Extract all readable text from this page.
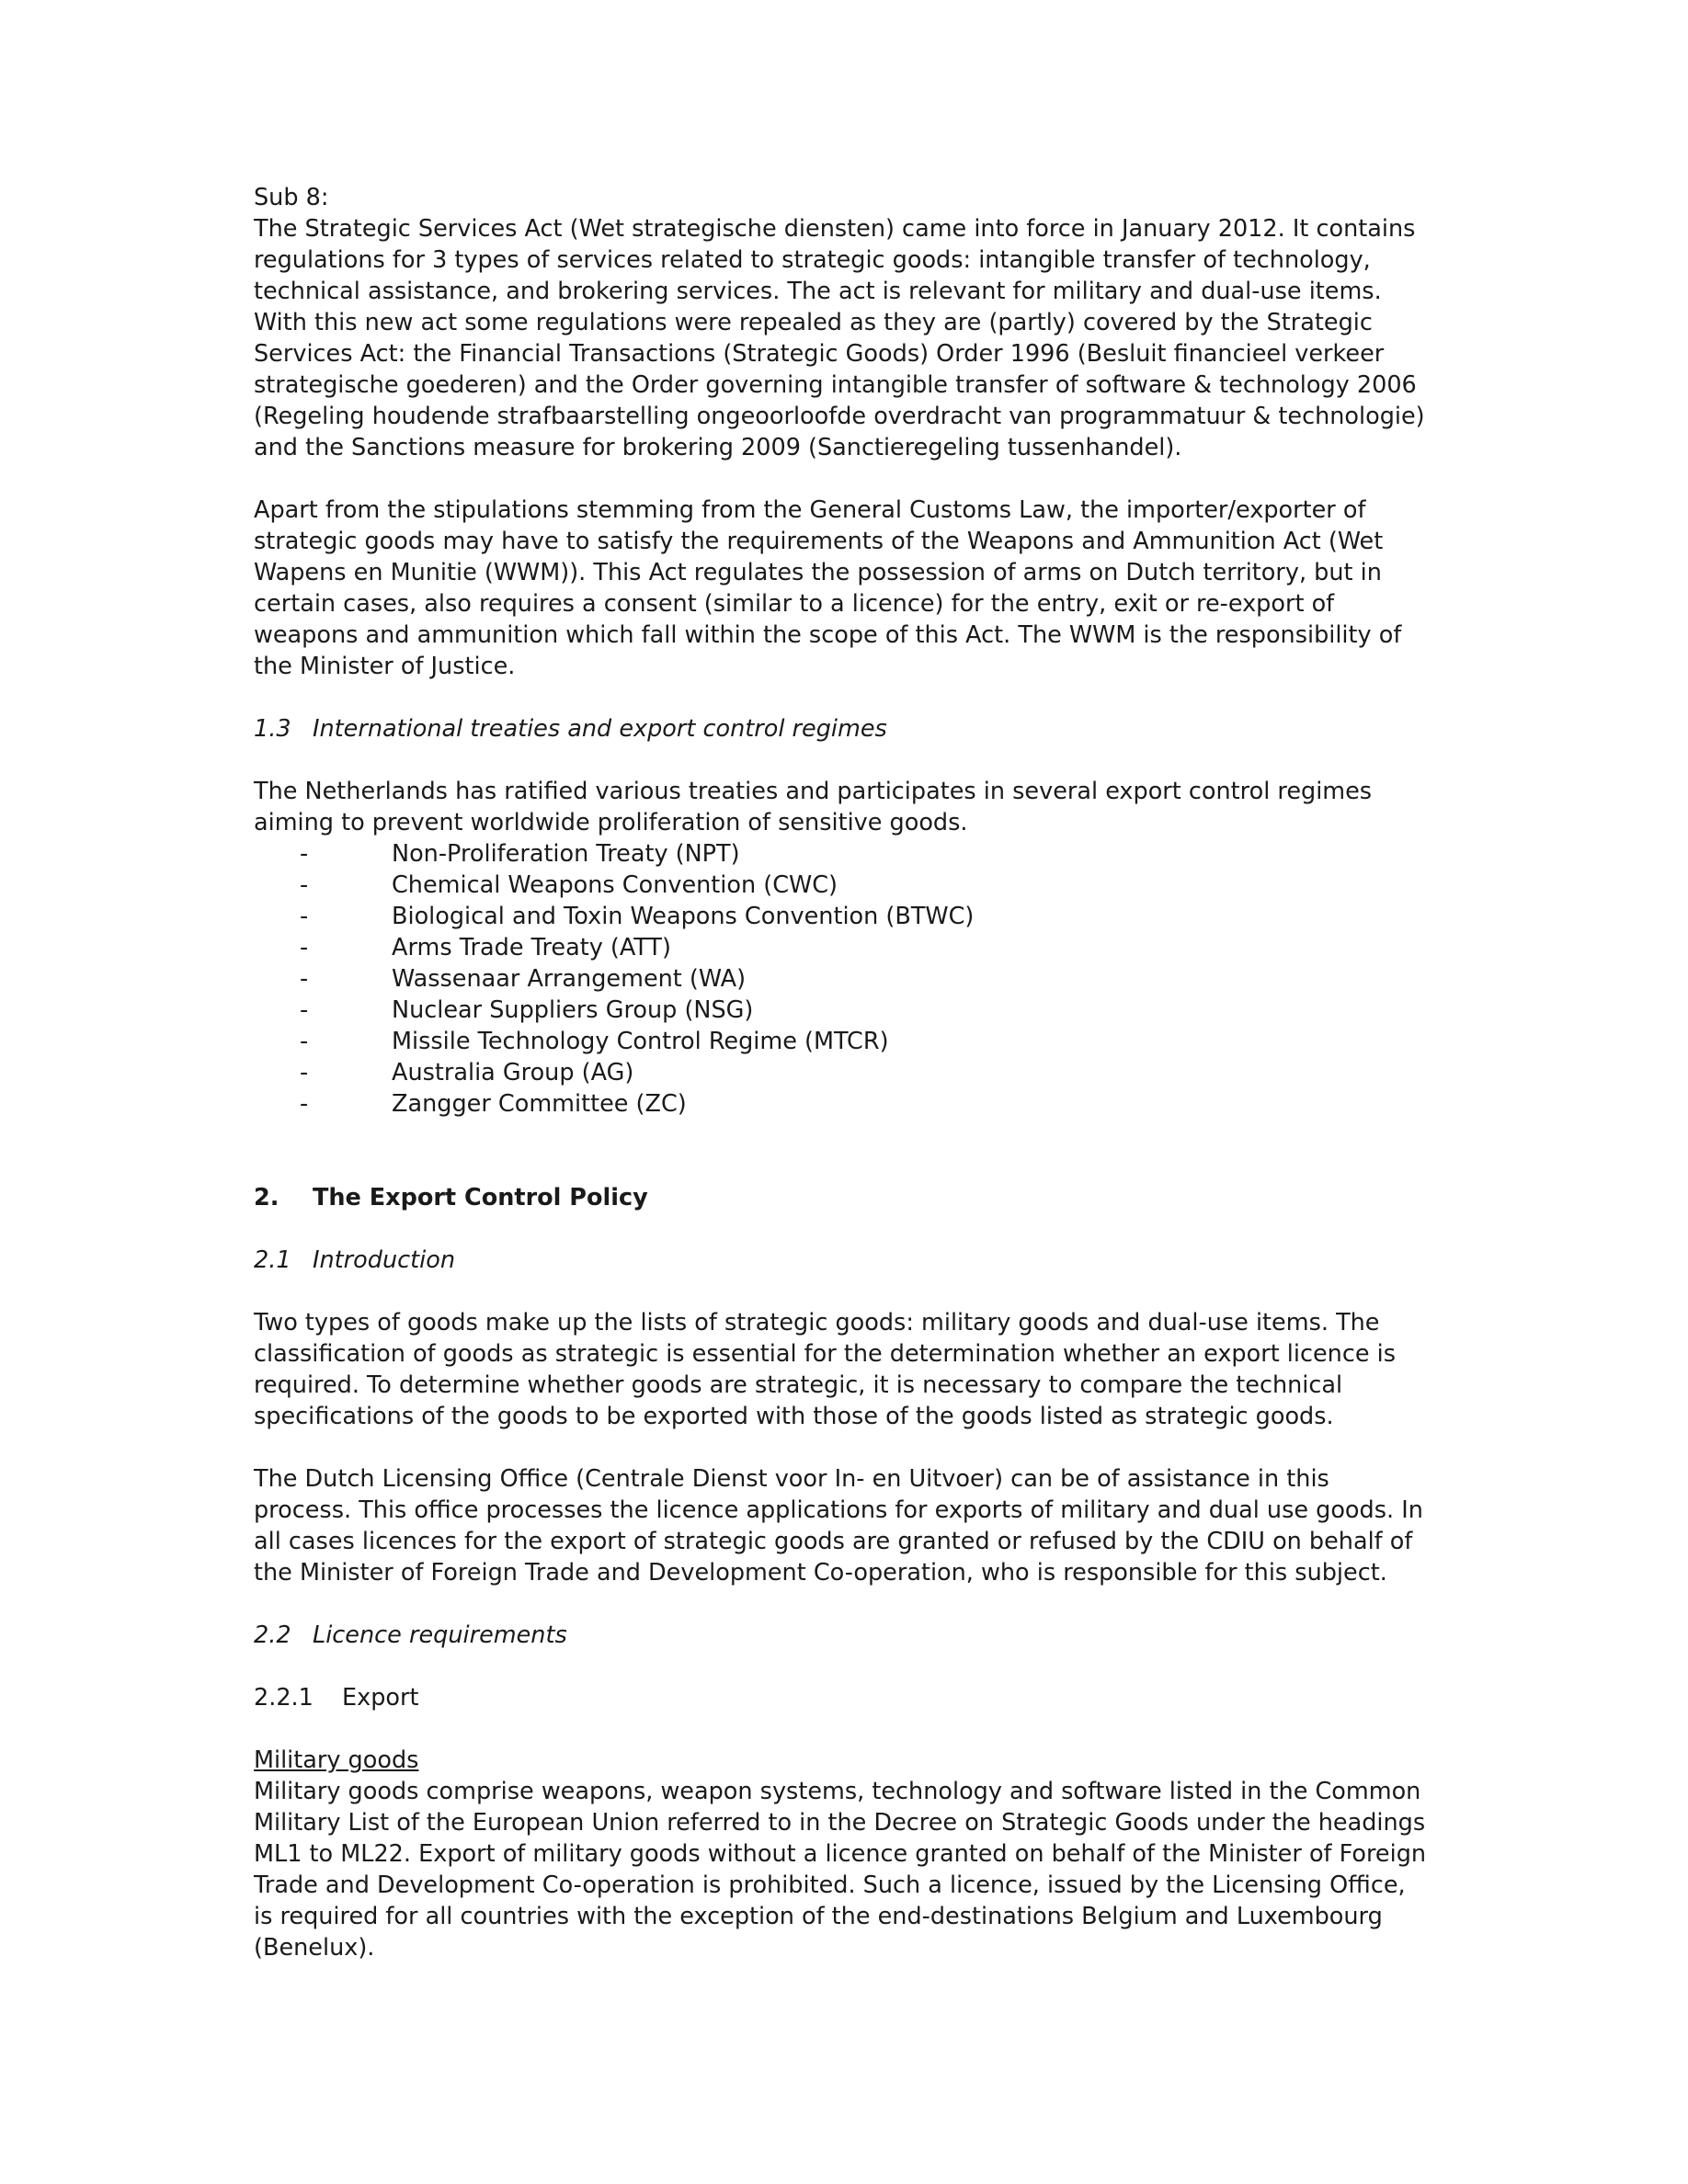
Sub 8:
The Strategic Services Act (Wet strategische diensten) came into force in January 2012. It contains
regulations for 3 types of services related to strategic goods: intangible transfer of technology,
technical assistance, and brokering services. The act is relevant for military and dual-use items.
With this new act some regulations were repealed as they are (partly) covered by the Strategic
Services Act: the Financial Transactions (Strategic Goods) Order 1996 (Besluit financieel verkeer
strategische goederen) and the Order governing intangible transfer of software & technology 2006
(Regeling houdende strafbaarstelling ongeoorloofde overdracht van programmatuur & technologie)
and the Sanctions measure for brokering 2009 (Sanctieregeling tussenhandel).
Apart from the stipulations stemming from the General Customs Law, the importer/exporter of
strategic goods may have to satisfy the requirements of the Weapons and Ammunition Act (Wet
Wapens en Munitie (WWM)). This Act regulates the possession of arms on Dutch territory, but in
certain cases, also requires a consent (similar to a licence) for the entry, exit or re-export of
weapons and ammunition which fall within the scope of this Act. The WWM is the responsibility of
the Minister of Justice.
1.3 International treaties and export control regimes
The Netherlands has ratified various treaties and participates in several export control regimes
aiming to prevent worldwide proliferation of sensitive goods.
-	Non-Proliferation Treaty (NPT)
-	Chemical Weapons Convention (CWC)
-	Biological and Toxin Weapons Convention (BTWC)
-	Arms Trade Treaty (ATT)
-	Wassenaar Arrangement (WA)
-	Nuclear Suppliers Group (NSG)
-	Missile Technology Control Regime (MTCR)
-	Australia Group (AG)
-	Zangger Committee (ZC)
2. The Export Control Policy
2.1 Introduction
Two types of goods make up the lists of strategic goods: military goods and dual-use items. The
classification of goods as strategic is essential for the determination whether an export licence is
required. To determine whether goods are strategic, it is necessary to compare the technical
specifications of the goods to be exported with those of the goods listed as strategic goods.
The Dutch Licensing Office (Centrale Dienst voor In- en Uitvoer) can be of assistance in this
process. This office processes the licence applications for exports of military and dual use goods. In
all cases licences for the export of strategic goods are granted or refused by the CDIU on behalf of
the Minister of Foreign Trade and Development Co-operation, who is responsible for this subject.
2.2 Licence requirements
2.2.1 Export
Military goods
Military goods comprise weapons, weapon systems, technology and software listed in the Common
Military List of the European Union referred to in the Decree on Strategic Goods under the headings
ML1 to ML22. Export of military goods without a licence granted on behalf of the Minister of Foreign
Trade and Development Co-operation is prohibited. Such a licence, issued by the Licensing Office,
is required for all countries with the exception of the end-destinations Belgium and Luxembourg
(Benelux).
